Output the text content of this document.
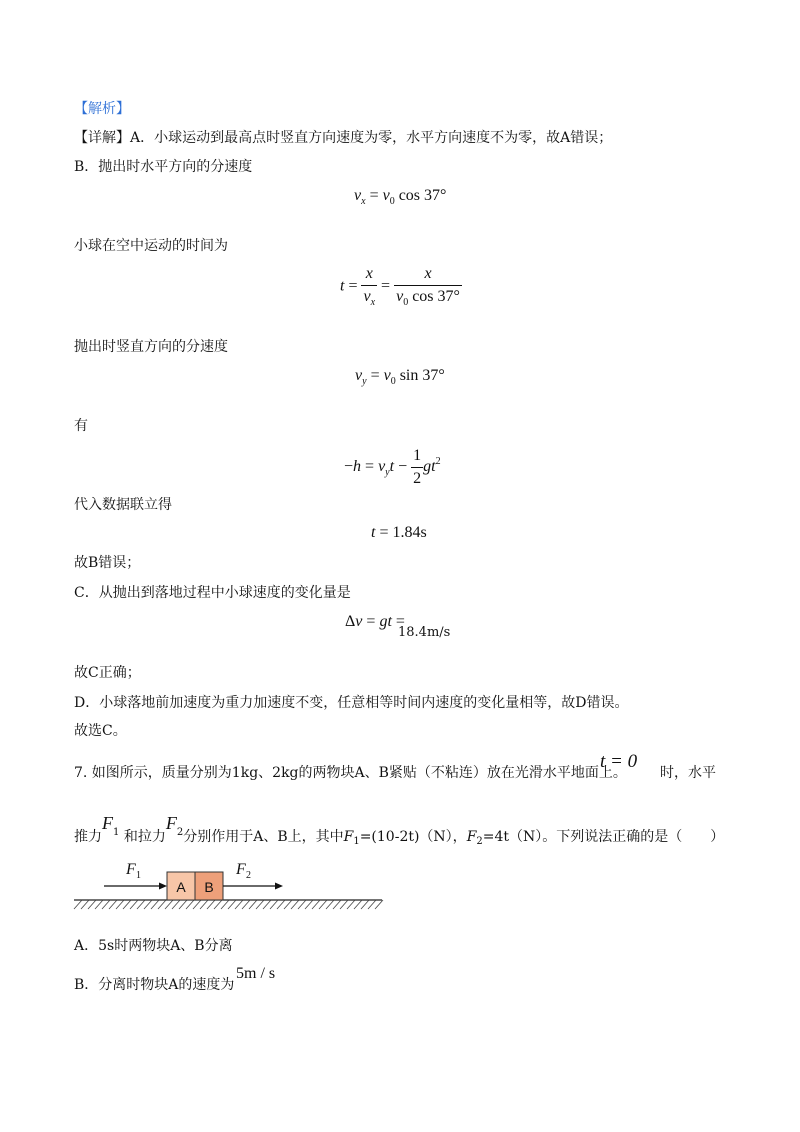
【解析】
【详解】A．小球运动到最高点时竖直方向速度为零，水平方向速度不为零，故A错误；
B．抛出时水平方向的分速度
$v_x = v_0$ cos 37°
小球在空中运动的时间为
$t = \frac{x}{v_x} = \frac{x}{v_0 \cos 37^\circ}$
抛出时竖直方向的分速度
$v_y = v_0$ sin 37°
有
$-h = v_yt - \frac{1}{2} gt^2$
代入数据联立得
t = 1.84s
故B错误；
C．从抛出到落地过程中小球速度的变化量是
Δv = gt =
18.4m/s
故C正确；
D．小球落地前加速度为重力加速度不变，任意相等时间内速度的变化量相等，故D错误。
故选C。
7. 如图所示，质量分别为1kg、2kg的两物块A、B紧贴（不粘连）放在光滑水平地面上。
t = 0
时，水平
推力$F^1$ 和拉力$F^2$分别作用于A、B上，其中$F_1=(10-2t)(N)$，$F_2=4t(N)$。下列说法正确的是（　　）
A B
F 1	F 2
A．5s时两物块A、B分离
B．分离时物块A的速度为
5m / s
